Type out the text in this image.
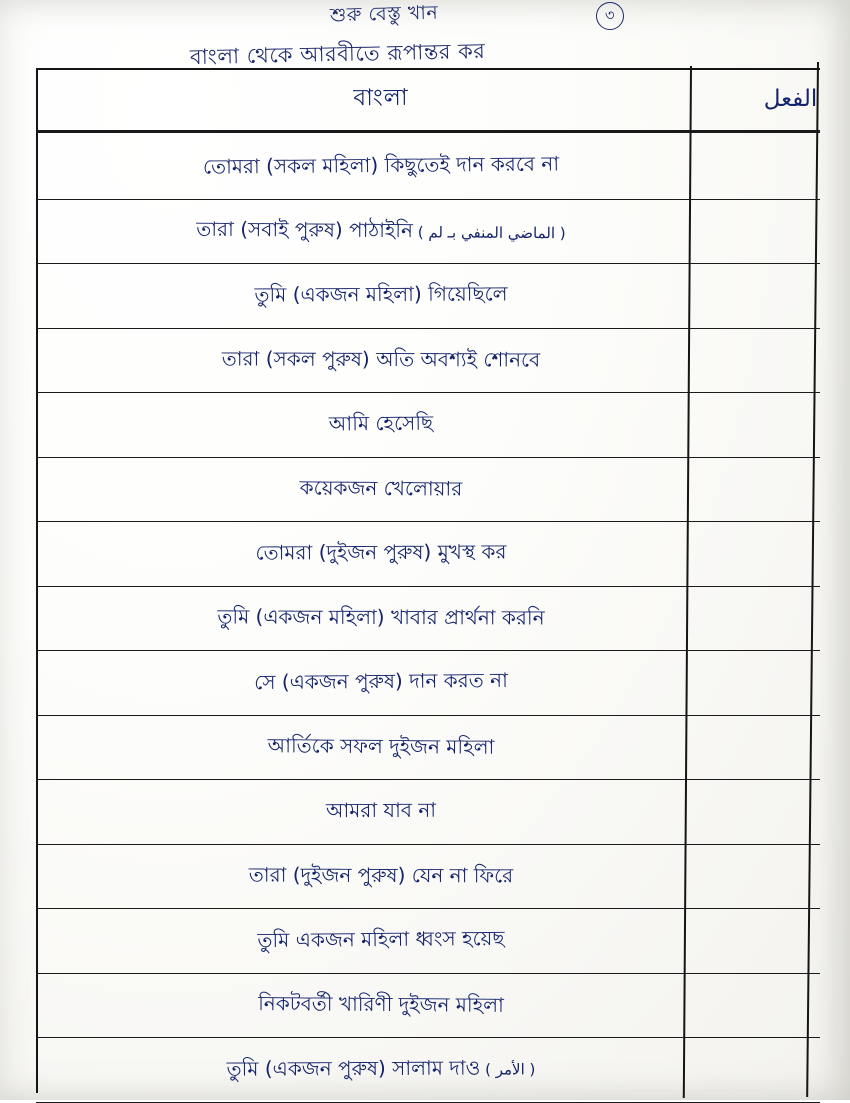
শুরু বেস্তু খান	৩
বাংলা থেকে আরবীতে রূপান্তর কর
বাংলা	الفعل
তোমরা (সকল মহিলা) কিছুতেই দান করবে না
তারা (সবাই পুরুষ) পাঠাইনি ( الماضي المنفي بـ لم )
তুমি (একজন মহিলা) গিয়েছিলে
তারা (সকল পুরুষ) অতি অবশ্যই শোনবে
আমি হেসেছি
কয়েকজন খেলোয়ার
তোমরা (দুইজন পুরুষ) মুখস্থ কর
তুমি (একজন মহিলা) খাবার প্রার্থনা করনি
সে (একজন পুরুষ) দান করত না
আর্তিকে সফল দুইজন মহিলা
আমরা যাব না
তারা (দুইজন পুরুষ) যেন না ফিরে
তুমি একজন মহিলা ধ্বংস হয়েছ
নিকটবর্তী খারিণী দুইজন মহিলা
তুমি (একজন পুরুষ) সালাম দাও ( الأمر )
